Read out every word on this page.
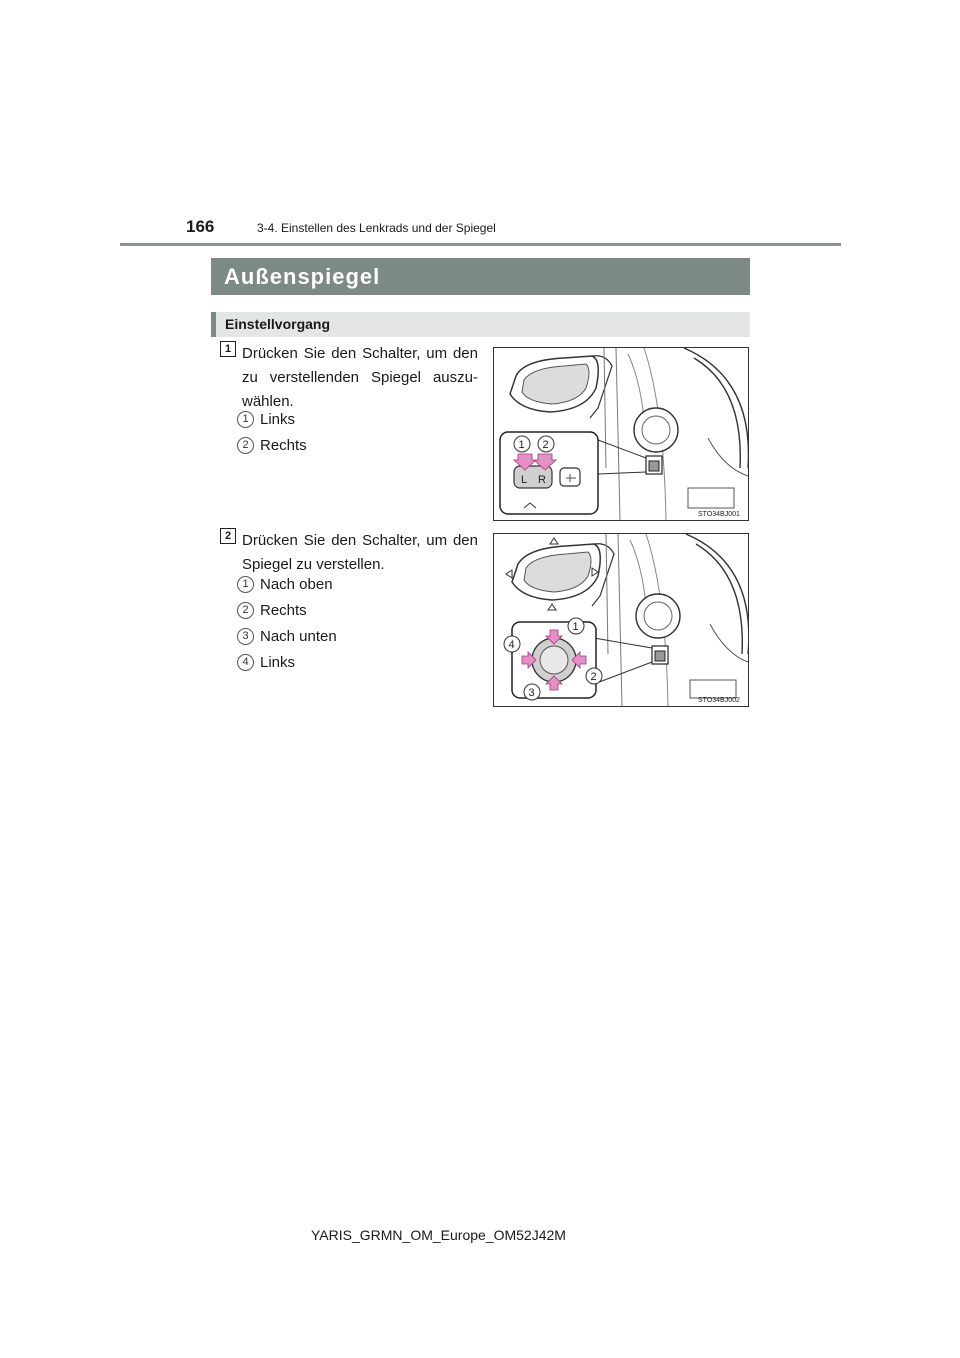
166	3-4. Einstellen des Lenkrads und der Spiegel
Außenspiegel
Einstellvorgang
1 Drücken Sie den Schalter, um den zu verstellenden Spiegel auszu-wählen.
1 Links
2 Rechts
L R
1 2
STO34BJ001
2 Drücken Sie den Schalter, um den Spiegel zu verstellen.
1 Nach oben
2 Rechts
3 Nach unten
4 Links
1
2
3
4
STO34BJ002
YARIS_GRMN_OM_Europe_OM52J42M
